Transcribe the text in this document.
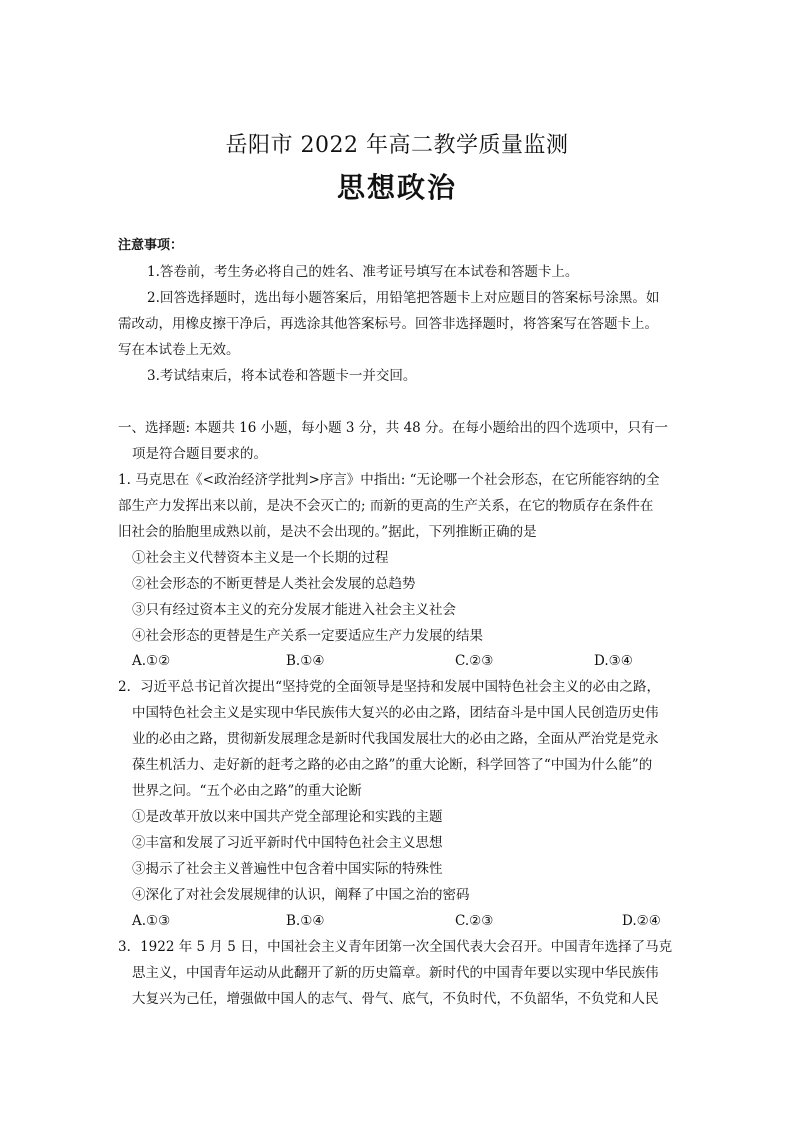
岳阳市 2022 年高二教学质量监测
思想政治
注意事项：
1.答卷前，考生务必将自己的姓名、准考证号填写在本试卷和答题卡上。
2.回答选择题时，选出每小题答案后，用铅笔把答题卡上对应题目的答案标号涂黑。如
需改动，用橡皮擦干净后，再选涂其他答案标号。回答非选择题时，将答案写在答题卡上。
写在本试卷上无效。
3.考试结束后，将本试卷和答题卡一并交回。
一、选择题: 本题共 16 小题，每小题 3 分，共 48 分。在每小题给出的四个选项中，只有一
项是符合题目要求的。
1. 马克思在《<政治经济学批判>序言》中指出: “无论哪一个社会形态，在它所能容纳的全
部生产力发挥出来以前，是决不会灭亡的; 而新的更高的生产关系，在它的物质存在条件在
旧社会的胎胞里成熟以前，是决不会出现的。”据此，下列推断正确的是
①社会主义代替资本主义是一个长期的过程
②社会形态的不断更替是人类社会发展的总趋势
③只有经过资本主义的充分发展才能进入社会主义社会
④社会形态的更替是生产关系一定要适应生产力发展的结果
A.①②	B.①④	C.②③	D.③④
2．习近平总书记首次提出“坚持党的全面领导是坚持和发展中国特色社会主义的必由之路，
中国特色社会主义是实现中华民族伟大复兴的必由之路，团结奋斗是中国人民创造历史伟
业的必由之路，贯彻新发展理念是新时代我国发展壮大的必由之路，全面从严治党是党永
葆生机活力、走好新的赶考之路的必由之路”的重大论断，科学回答了“中国为什么能”的
世界之问。“五个必由之路”的重大论断
①是改革开放以来中国共产党全部理论和实践的主题
②丰富和发展了习近平新时代中国特色社会主义思想
③揭示了社会主义普遍性中包含着中国实际的特殊性
④深化了对社会发展规律的认识，阐释了中国之治的密码
A.①③	B.①④	C.②③	D.②④
3．1922 年 5 月 5 日，中国社会主义青年团第一次全国代表大会召开。中国青年选择了马克
思主义，中国青年运动从此翻开了新的历史篇章。新时代的中国青年要以实现中华民族伟
大复兴为己任，增强做中国人的志气、骨气、底气，不负时代，不负韶华，不负党和人民
